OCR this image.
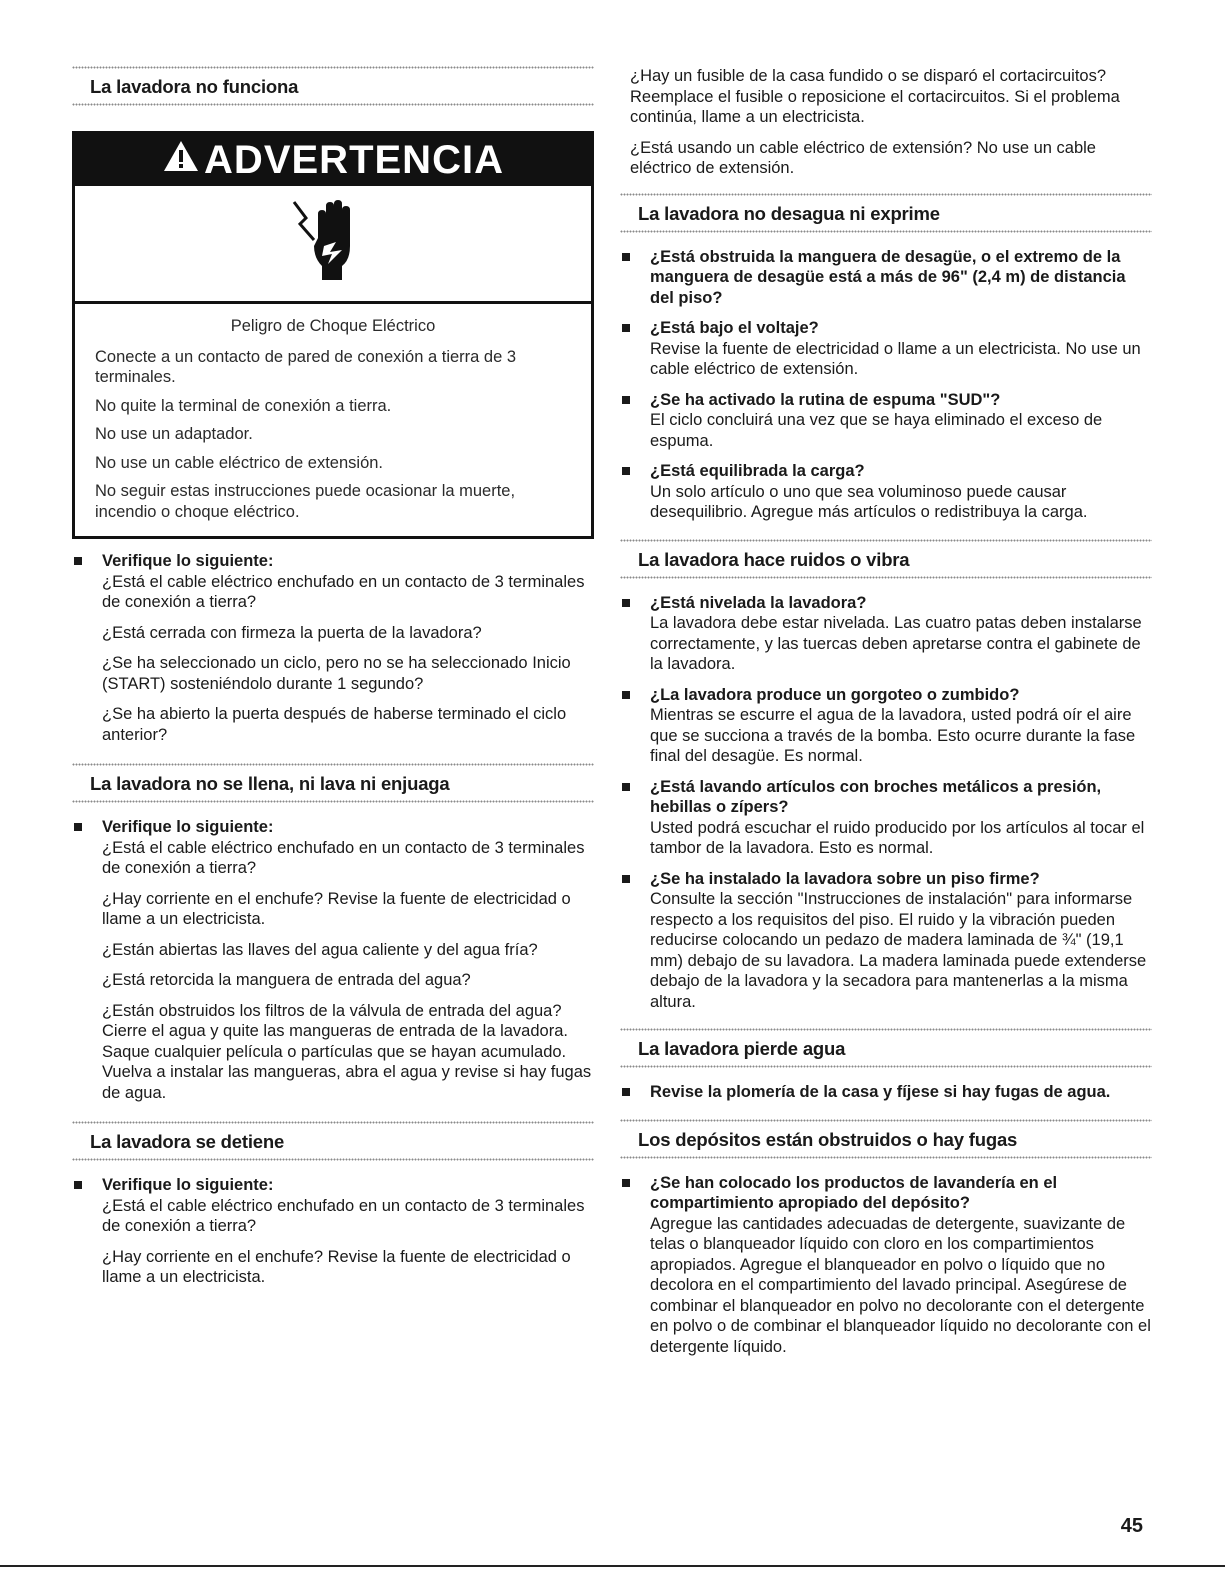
La lavadora no funciona
ADVERTENCIA
Peligro de Choque Eléctrico
Conecte a un contacto de pared de conexión a tierra de 3 terminales.
No quite la terminal de conexión a tierra.
No use un adaptador.
No use un cable eléctrico de extensión.
No seguir estas instrucciones puede ocasionar la muerte, incendio o choque eléctrico.
Verifique lo siguiente:
¿Está el cable eléctrico enchufado en un contacto de 3 terminales de conexión a tierra?
¿Está cerrada con firmeza la puerta de la lavadora?
¿Se ha seleccionado un ciclo, pero no se ha seleccionado Inicio (START) sosteniéndolo durante 1 segundo?
¿Se ha abierto la puerta después de haberse terminado el ciclo anterior?
La lavadora no se llena, ni lava ni enjuaga
Verifique lo siguiente:
¿Está el cable eléctrico enchufado en un contacto de 3 terminales de conexión a tierra?
¿Hay corriente en el enchufe? Revise la fuente de electricidad o llame a un electricista.
¿Están abiertas las llaves del agua caliente y del agua fría?
¿Está retorcida la manguera de entrada del agua?
¿Están obstruidos los filtros de la válvula de entrada del agua? Cierre el agua y quite las mangueras de entrada de la lavadora. Saque cualquier película o partículas que se hayan acumulado. Vuelva a instalar las mangueras, abra el agua y revise si hay fugas de agua.
La lavadora se detiene
Verifique lo siguiente:
¿Está el cable eléctrico enchufado en un contacto de 3 terminales de conexión a tierra?
¿Hay corriente en el enchufe? Revise la fuente de electricidad o llame a un electricista.
¿Hay un fusible de la casa fundido o se disparó el cortacircuitos? Reemplace el fusible o reposicione el cortacircuitos. Si el problema continúa, llame a un electricista.
¿Está usando un cable eléctrico de extensión? No use un cable eléctrico de extensión.
La lavadora no desagua ni exprime
¿Está obstruida la manguera de desagüe, o el extremo de la manguera de desagüe está a más de 96" (2,4 m) de distancia del piso?
¿Está bajo el voltaje?
Revise la fuente de electricidad o llame a un electricista. No use un cable eléctrico de extensión.
¿Se ha activado la rutina de espuma "SUD"?
El ciclo concluirá una vez que se haya eliminado el exceso de espuma.
¿Está equilibrada la carga?
Un solo artículo o uno que sea voluminoso puede causar desequilibrio. Agregue más artículos o redistribuya la carga.
La lavadora hace ruidos o vibra
¿Está nivelada la lavadora?
La lavadora debe estar nivelada. Las cuatro patas deben instalarse correctamente, y las tuercas deben apretarse contra el gabinete de la lavadora.
¿La lavadora produce un gorgoteo o zumbido?
Mientras se escurre el agua de la lavadora, usted podrá oír el aire que se succiona a través de la bomba. Esto ocurre durante la fase final del desagüe. Es normal.
¿Está lavando artículos con broches metálicos a presión, hebillas o zípers?
Usted podrá escuchar el ruido producido por los artículos al tocar el tambor de la lavadora. Esto es normal.
¿Se ha instalado la lavadora sobre un piso firme?
Consulte la sección "Instrucciones de instalación" para informarse respecto a los requisitos del piso. El ruido y la vibración pueden reducirse colocando un pedazo de madera laminada de ¾" (19,1 mm) debajo de su lavadora. La madera laminada puede extenderse debajo de la lavadora y la secadora para mantenerlas a la misma altura.
La lavadora pierde agua
Revise la plomería de la casa y fíjese si hay fugas de agua.
Los depósitos están obstruidos o hay fugas
¿Se han colocado los productos de lavandería en el compartimiento apropiado del depósito?
Agregue las cantidades adecuadas de detergente, suavizante de telas o blanqueador líquido con cloro en los compartimientos apropiados. Agregue el blanqueador en polvo o líquido que no decolora en el compartimiento del lavado principal. Asegúrese de combinar el blanqueador en polvo no decolorante con el detergente en polvo o de combinar el blanqueador líquido no decolorante con el detergente líquido.
45
